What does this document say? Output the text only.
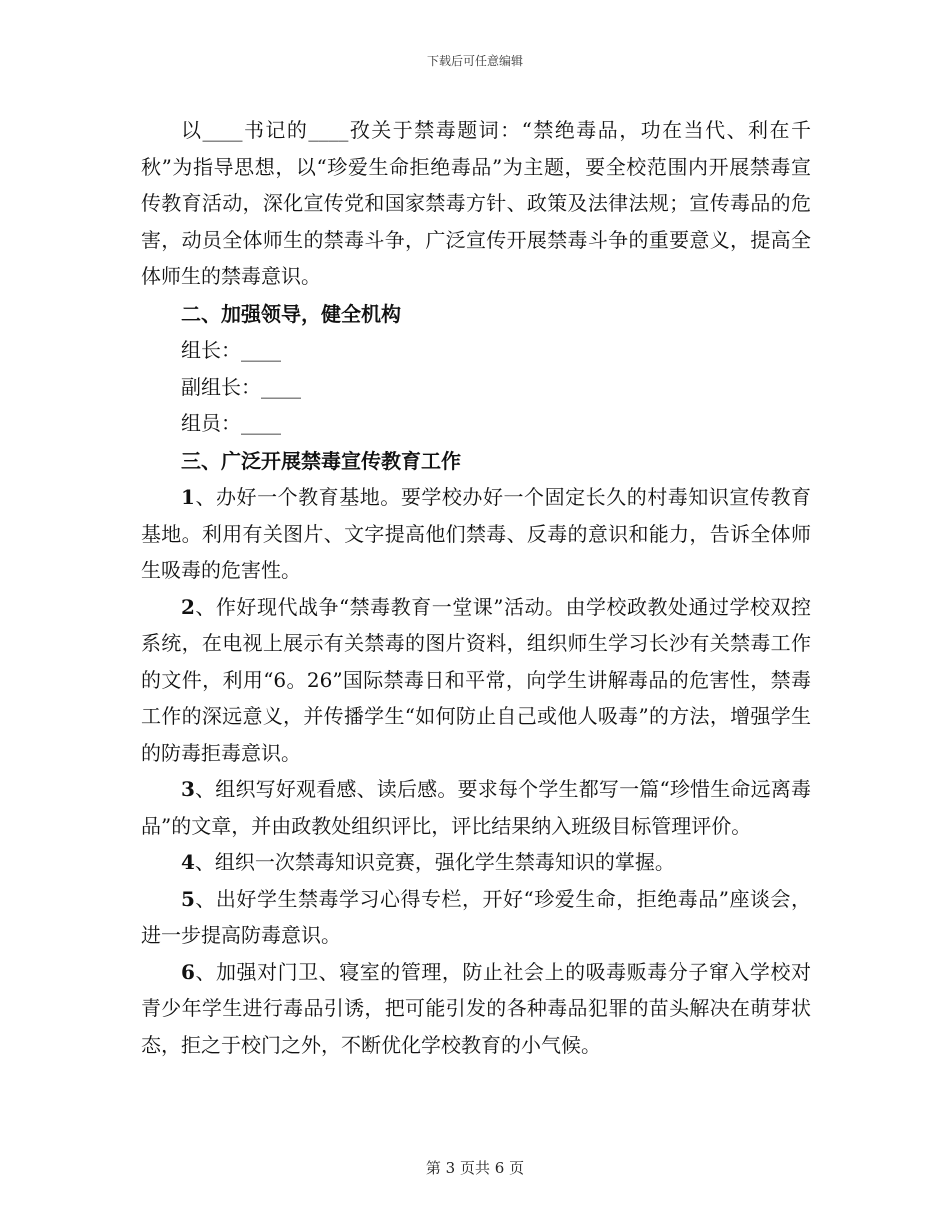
下载后可任意编辑

以____书记的____孜关于禁毒题词：“禁绝毒品，功在当代、利在千秋”为指导思想，以“珍爱生命拒绝毒品”为主题，要全校范围内开展禁毒宣传教育活动，深化宣传党和国家禁毒方针、政策及法律法规；宣传毒品的危害，动员全体师生的禁毒斗争，广泛宣传开展禁毒斗争的重要意义，提高全体师生的禁毒意识。

二、加强领导，健全机构

组长：____

副组长：____

组员：____

三、广泛开展禁毒宣传教育工作

1、办好一个教育基地。要学校办好一个固定长久的村毒知识宣传教育基地。利用有关图片、文字提高他们禁毒、反毒的意识和能力，告诉全体师生吸毒的危害性。

2、作好现代战争“禁毒教育一堂课”活动。由学校政教处通过学校双控系统，在电视上展示有关禁毒的图片资料，组织师生学习长沙有关禁毒工作的文件，利用“6。26”国际禁毒日和平常，向学生讲解毒品的危害性，禁毒工作的深远意义，并传播学生“如何防止自己或他人吸毒”的方法，增强学生的防毒拒毒意识。

3、组织写好观看感、读后感。要求每个学生都写一篇“珍惜生命远离毒品”的文章，并由政教处组织评比，评比结果纳入班级目标管理评价。

4、组织一次禁毒知识竞赛，强化学生禁毒知识的掌握。

5、出好学生禁毒学习心得专栏，开好“珍爱生命，拒绝毒品”座谈会，进一步提高防毒意识。

6、加强对门卫、寝室的管理，防止社会上的吸毒贩毒分子窜入学校对青少年学生进行毒品引诱，把可能引发的各种毒品犯罪的苗头解决在萌芽状态，拒之于校门之外，不断优化学校教育的小气候。

第 3 页共 6 页
